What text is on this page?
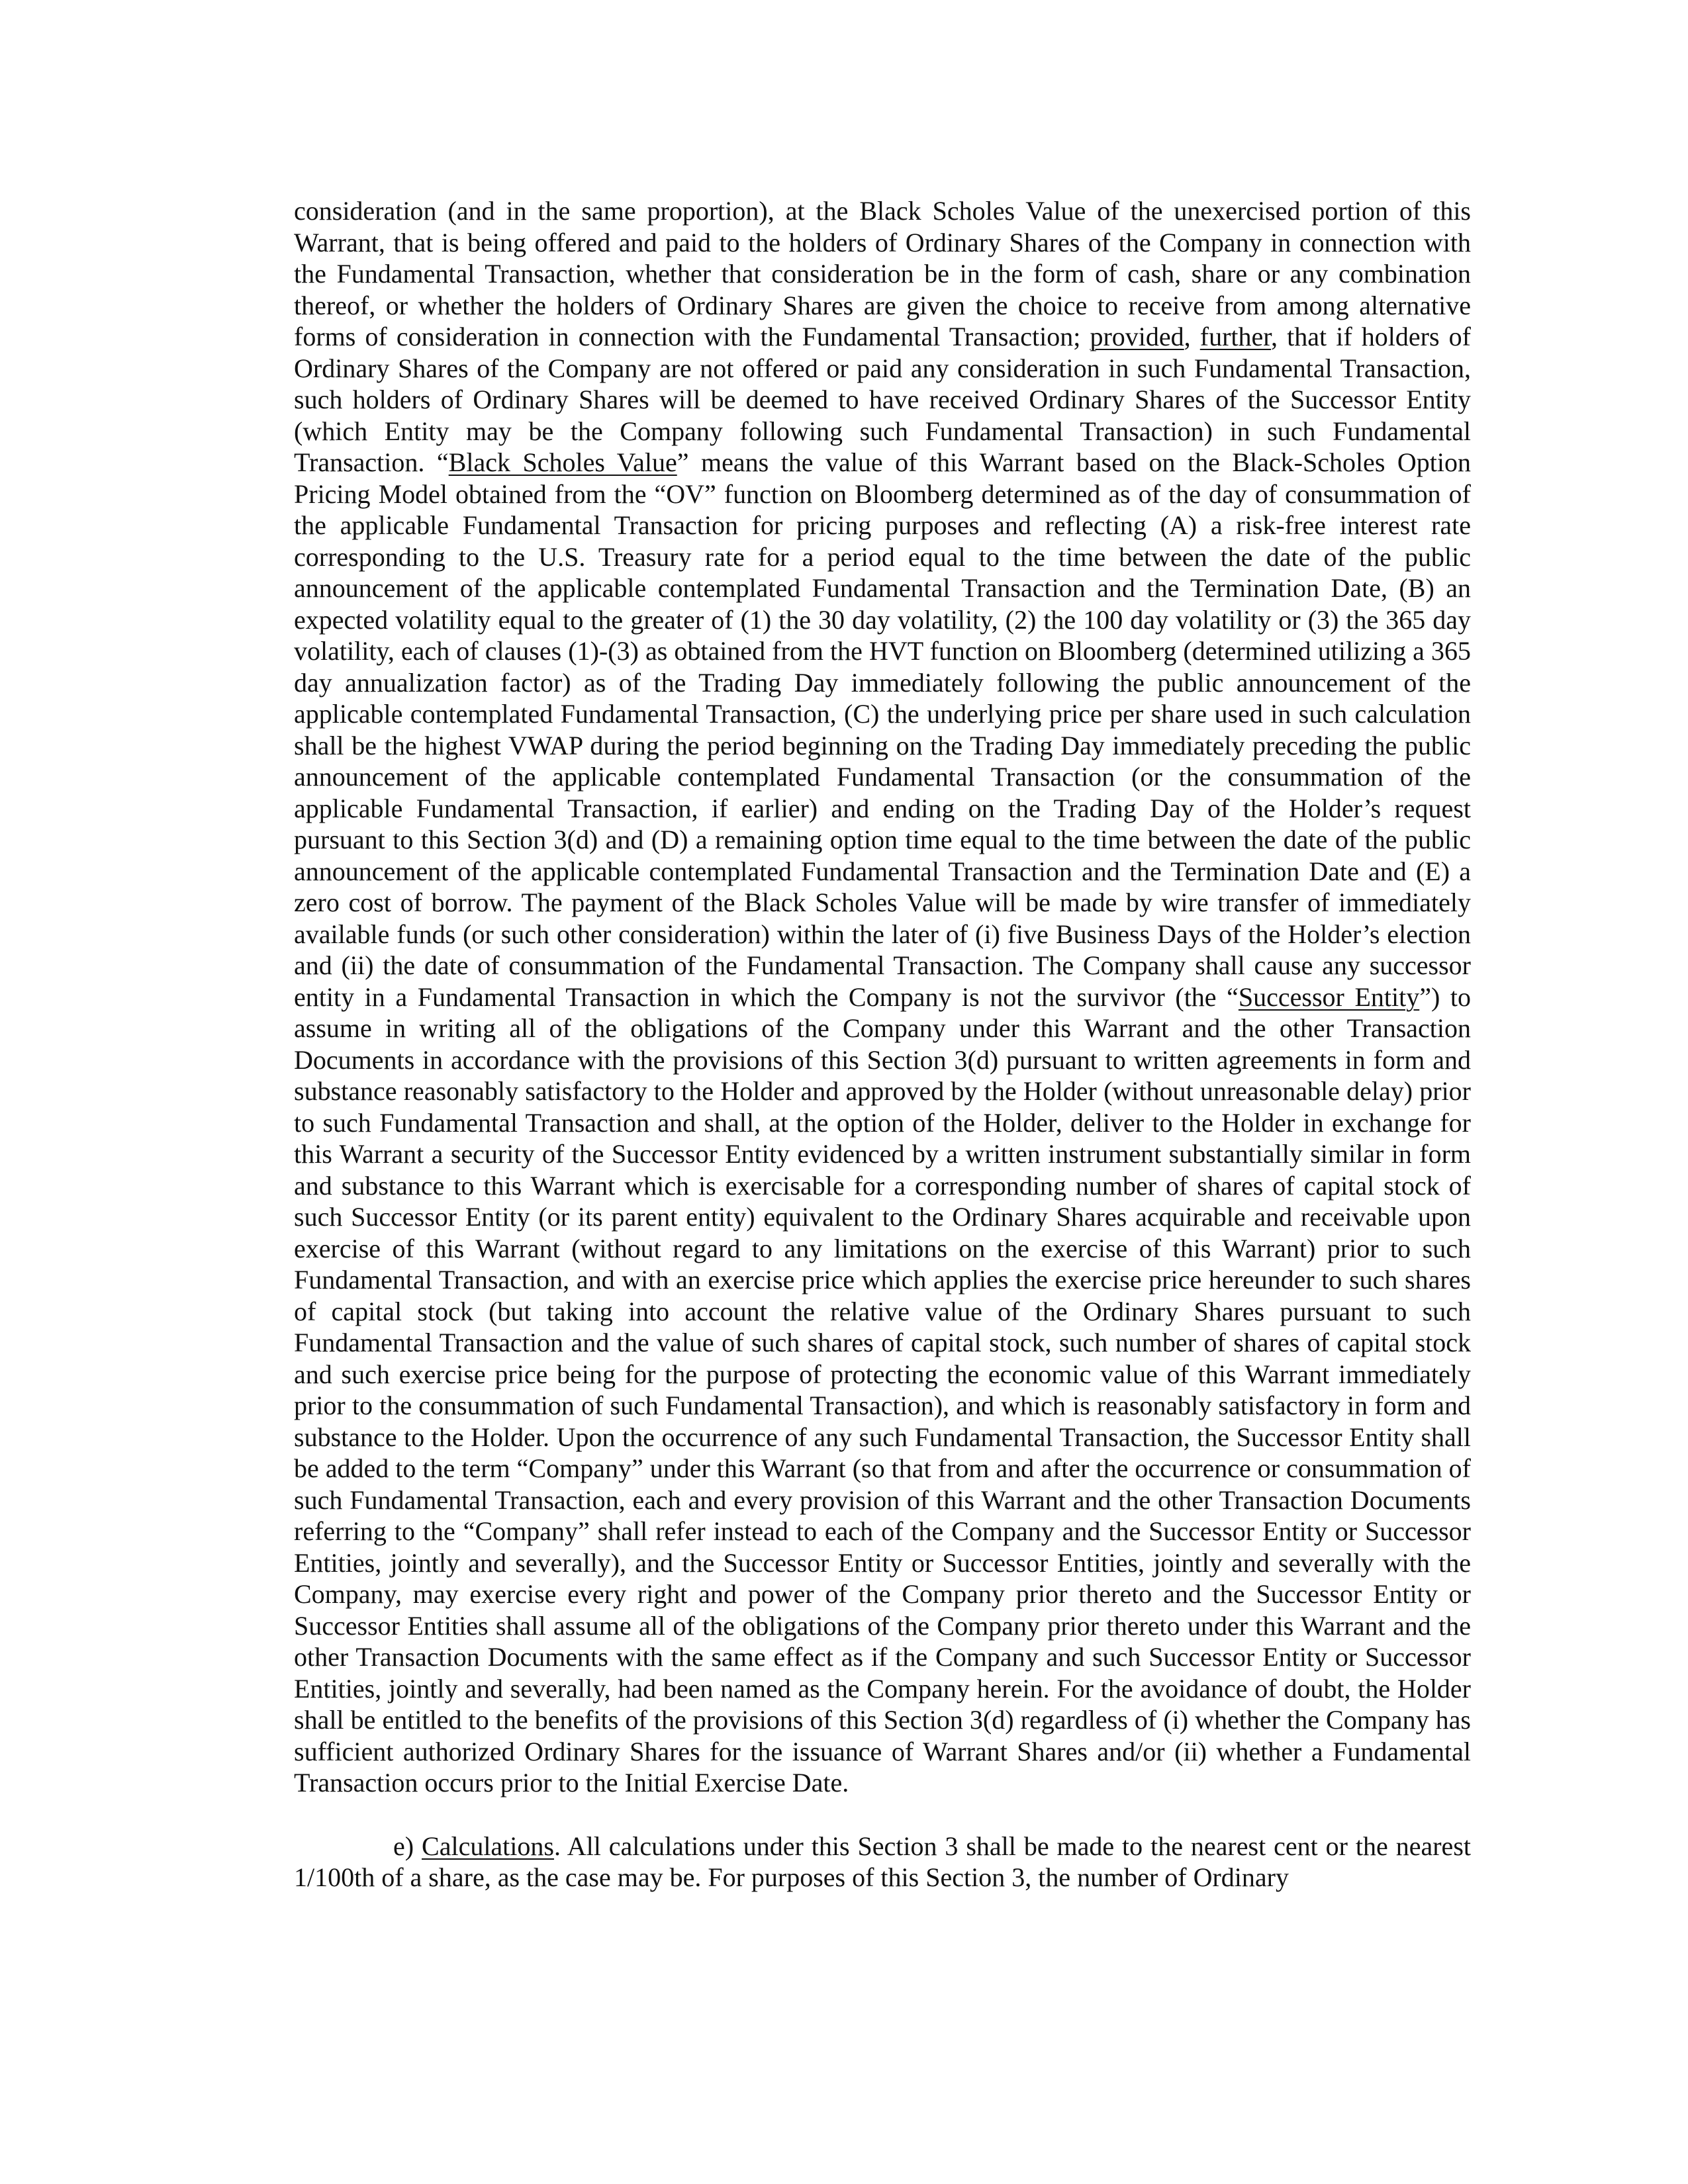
consideration (and in the same proportion), at the Black Scholes Value of the unexercised portion of this Warrant, that is being offered and paid to the holders of Ordinary Shares of the Company in connection with the Fundamental Transaction, whether that consideration be in the form of cash, share or any combination thereof, or whether the holders of Ordinary Shares are given the choice to receive from among alternative forms of consideration in connection with the Fundamental Transaction; provided, further, that if holders of Ordinary Shares of the Company are not offered or paid any consideration in such Fundamental Transaction, such holders of Ordinary Shares will be deemed to have received Ordinary Shares of the Successor Entity (which Entity may be the Company following such Fundamental Transaction) in such Fundamental Transaction. “Black Scholes Value” means the value of this Warrant based on the Black-Scholes Option Pricing Model obtained from the “OV” function on Bloomberg determined as of the day of consummation of the applicable Fundamental Transaction for pricing purposes and reflecting (A) a risk-free interest rate corresponding to the U.S. Treasury rate for a period equal to the time between the date of the public announcement of the applicable contemplated Fundamental Transaction and the Termination Date, (B) an expected volatility equal to the greater of (1) the 30 day volatility, (2) the 100 day volatility or (3) the 365 day volatility, each of clauses (1)-(3) as obtained from the HVT function on Bloomberg (determined utilizing a 365 day annualization factor) as of the Trading Day immediately following the public announcement of the applicable contemplated Fundamental Transaction, (C) the underlying price per share used in such calculation shall be the highest VWAP during the period beginning on the Trading Day immediately preceding the public announcement of the applicable contemplated Fundamental Transaction (or the consummation of the applicable Fundamental Transaction, if earlier) and ending on the Trading Day of the Holder’s request pursuant to this Section 3(d) and (D) a remaining option time equal to the time between the date of the public announcement of the applicable contemplated Fundamental Transaction and the Termination Date and (E) a zero cost of borrow. The payment of the Black Scholes Value will be made by wire transfer of immediately available funds (or such other consideration) within the later of (i) five Business Days of the Holder’s election and (ii) the date of consummation of the Fundamental Transaction. The Company shall cause any successor entity in a Fundamental Transaction in which the Company is not the survivor (the “Successor Entity”) to assume in writing all of the obligations of the Company under this Warrant and the other Transaction Documents in accordance with the provisions of this Section 3(d) pursuant to written agreements in form and substance reasonably satisfactory to the Holder and approved by the Holder (without unreasonable delay) prior to such Fundamental Transaction and shall, at the option of the Holder, deliver to the Holder in exchange for this Warrant a security of the Successor Entity evidenced by a written instrument substantially similar in form and substance to this Warrant which is exercisable for a corresponding number of shares of capital stock of such Successor Entity (or its parent entity) equivalent to the Ordinary Shares acquirable and receivable upon exercise of this Warrant (without regard to any limitations on the exercise of this Warrant) prior to such Fundamental Transaction, and with an exercise price which applies the exercise price hereunder to such shares of capital stock (but taking into account the relative value of the Ordinary Shares pursuant to such Fundamental Transaction and the value of such shares of capital stock, such number of shares of capital stock and such exercise price being for the purpose of protecting the economic value of this Warrant immediately prior to the consummation of such Fundamental Transaction), and which is reasonably satisfactory in form and substance to the Holder. Upon the occurrence of any such Fundamental Transaction, the Successor Entity shall be added to the term “Company” under this Warrant (so that from and after the occurrence or consummation of such Fundamental Transaction, each and every provision of this Warrant and the other Transaction Documents referring to the “Company” shall refer instead to each of the Company and the Successor Entity or Successor Entities, jointly and severally), and the Successor Entity or Successor Entities, jointly and severally with the Company, may exercise every right and power of the Company prior thereto and the Successor Entity or Successor Entities shall assume all of the obligations of the Company prior thereto under this Warrant and the other Transaction Documents with the same effect as if the Company and such Successor Entity or Successor Entities, jointly and severally, had been named as the Company herein. For the avoidance of doubt, the Holder shall be entitled to the benefits of the provisions of this Section 3(d) regardless of (i) whether the Company has sufficient authorized Ordinary Shares for the issuance of Warrant Shares and/or (ii) whether a Fundamental Transaction occurs prior to the Initial Exercise Date.

e) Calculations. All calculations under this Section 3 shall be made to the nearest cent or the nearest 1/100th of a share, as the case may be. For purposes of this Section 3, the number of Ordinary
